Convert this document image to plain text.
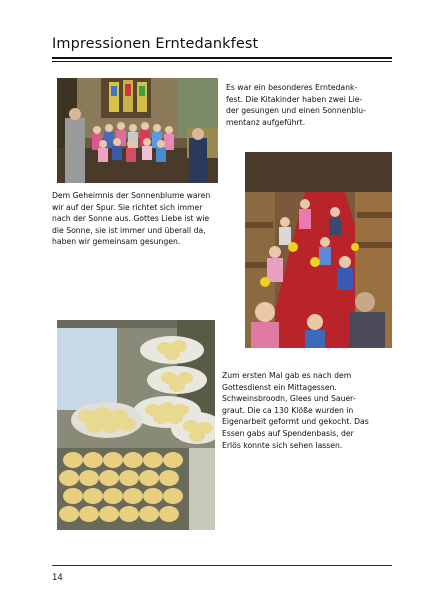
Impressionen Erntedankfest
Es war ein besonderes Erntedank-
fest. Die Kitakinder haben zwei Lie-
der gesungen und einen Sonnenblu-
mentanz aufgeführt.
Dem Geheimnis der Sonnenblume waren
wir auf der Spur. Sie richtet sich immer
nach der Sonne aus. Gottes Liebe ist wie
die Sonne, sie ist immer und überall da,
haben wir gemeinsam gesungen.
Zum ersten Mal gab es nach dem
Gottesdienst ein Mittagessen.
Schweinsbroodn, Glees und Sauer-
graut. Die ca 130 Klöße wurden in
Eigenarbeit geformt und gekocht. Das
Essen gabs auf Spendenbasis, der
Erlös konnte sich sehen lassen.
14
